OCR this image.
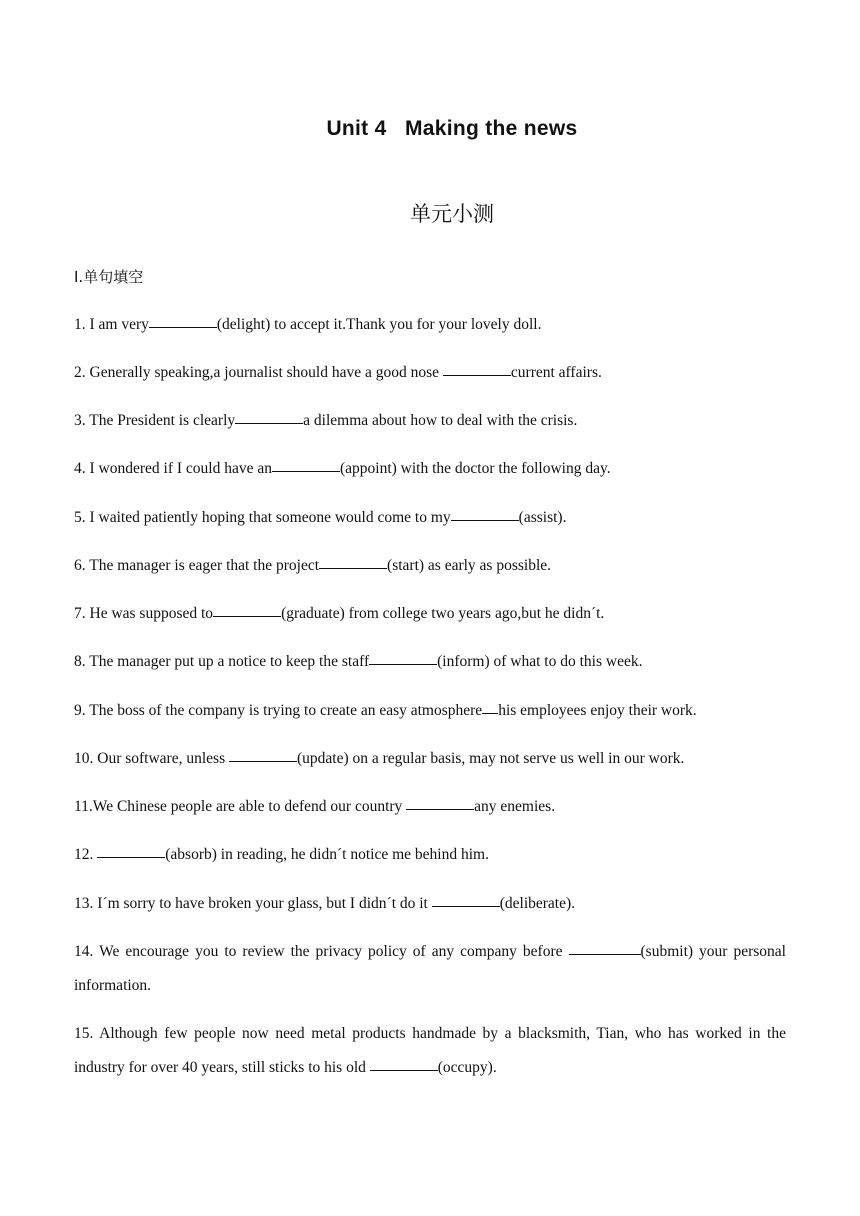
Unit 4   Making the news
单元小测
Ⅰ.单句填空
1. I am very	(delight) to accept it.Thank you for your lovely doll.
2. Generally speaking,a journalist should have a good nose	current affairs.
3. The President is clearly	a dilemma about how to deal with the crisis.
4. I wondered if I could have an	(appoint) with the doctor the following day.
5. I waited patiently hoping that someone would come to my	(assist).
6. The manager is eager that the project	(start) as early as possible.
7. He was supposed to	(graduate) from college two years ago,but he didn´t.
8. The manager put up a notice to keep the staff	(inform) of what to do this week.
9. The boss of the company is trying to create an easy atmosphere his employees enjoy their work.
10. Our software, unless	(update) on a regular basis, may not serve us well in our work.
11.We Chinese people are able to defend our country	any enemies.
12.	(absorb) in reading, he didn´t notice me behind him.
13. I´m sorry to have broken your glass, but I didn´t do it	(deliberate).
14. We encourage you to review the privacy policy of any company before	(submit) your personal information.
15. Although few people now need metal products handmade by a blacksmith, Tian, who has worked in the industry for over 40 years, still sticks to his old	(occupy).
